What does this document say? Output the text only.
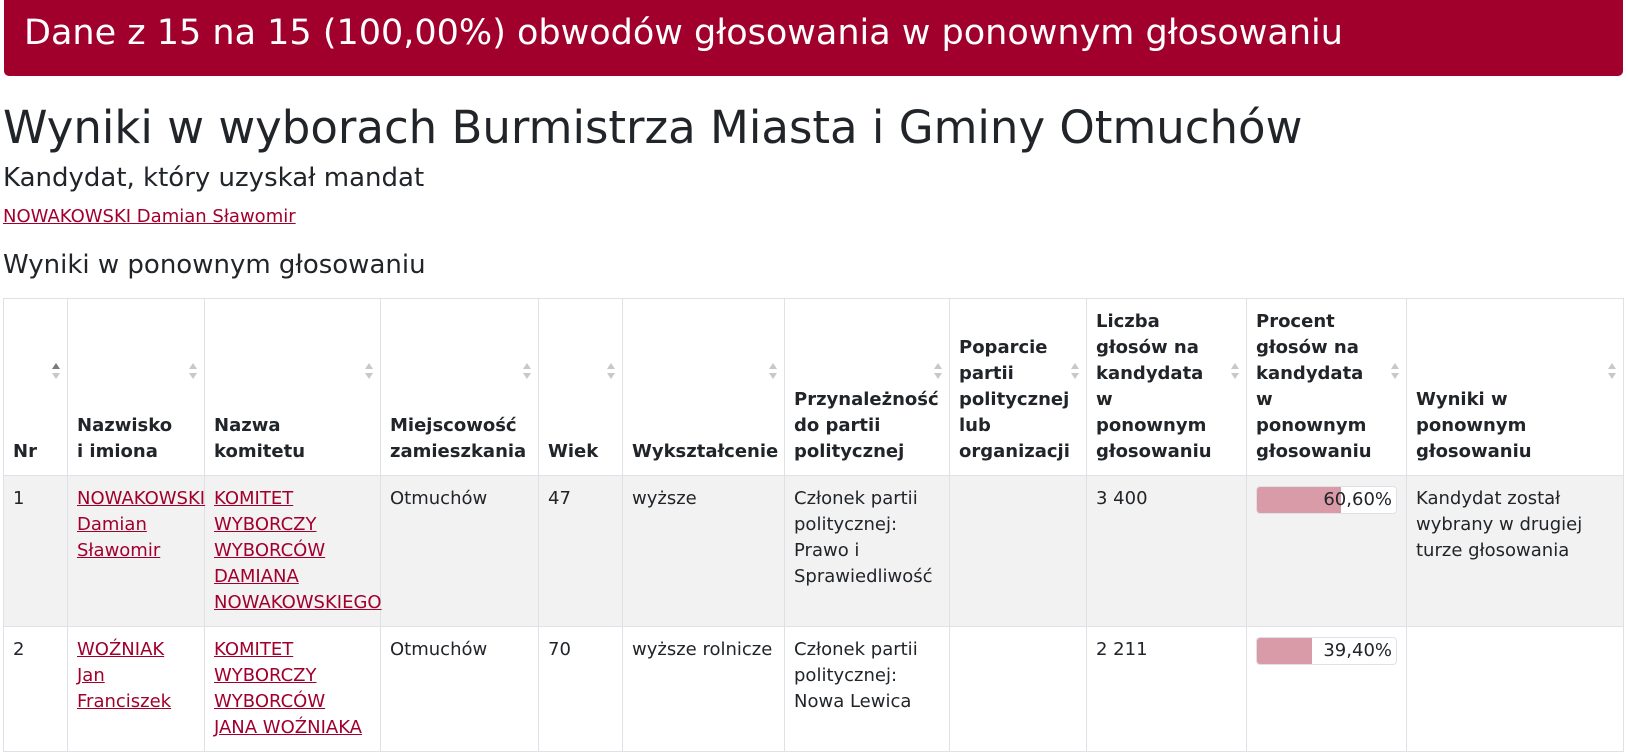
Dane z 15 na 15 (100,00%) obwodów głosowania w ponownym głosowaniu
Wyniki w wyborach Burmistrza Miasta i Gminy Otmuchów
Kandydat, który uzyskał mandat
NOWAKOWSKI Damian Sławomir
Wyniki w ponownym głosowaniu
Nr	Nazwisko i imiona	Nazwa komitetu	Miejscowość zamieszkania	Wiek	Wykształcenie	Przynależność do partii politycznej	Poparcie partii politycznej lub organizacji	Liczba głosów na kandydata w ponownym głosowaniu	Procent głosów na kandydata w ponownym głosowaniu	Wyniki w ponownym głosowaniu

1	NOWAKOWSKI Damian Sławomir	KOMITET WYBORCZY WYBORCÓW DAMIANA NOWAKOWSKIEGO	Otmuchów	47	wyższe	Członek partii politycznej: Prawo i Sprawiedliwość		3 400	60,60%	Kandydat został wybrany w drugiej turze głosowania
2	WOŹNIAK Jan Franciszek	KOMITET WYBORCZY WYBORCÓW JANA WOŹNIAKA	Otmuchów	70	wyższe rolnicze	Członek partii politycznej: Nowa Lewica		2 211	39,40%	
